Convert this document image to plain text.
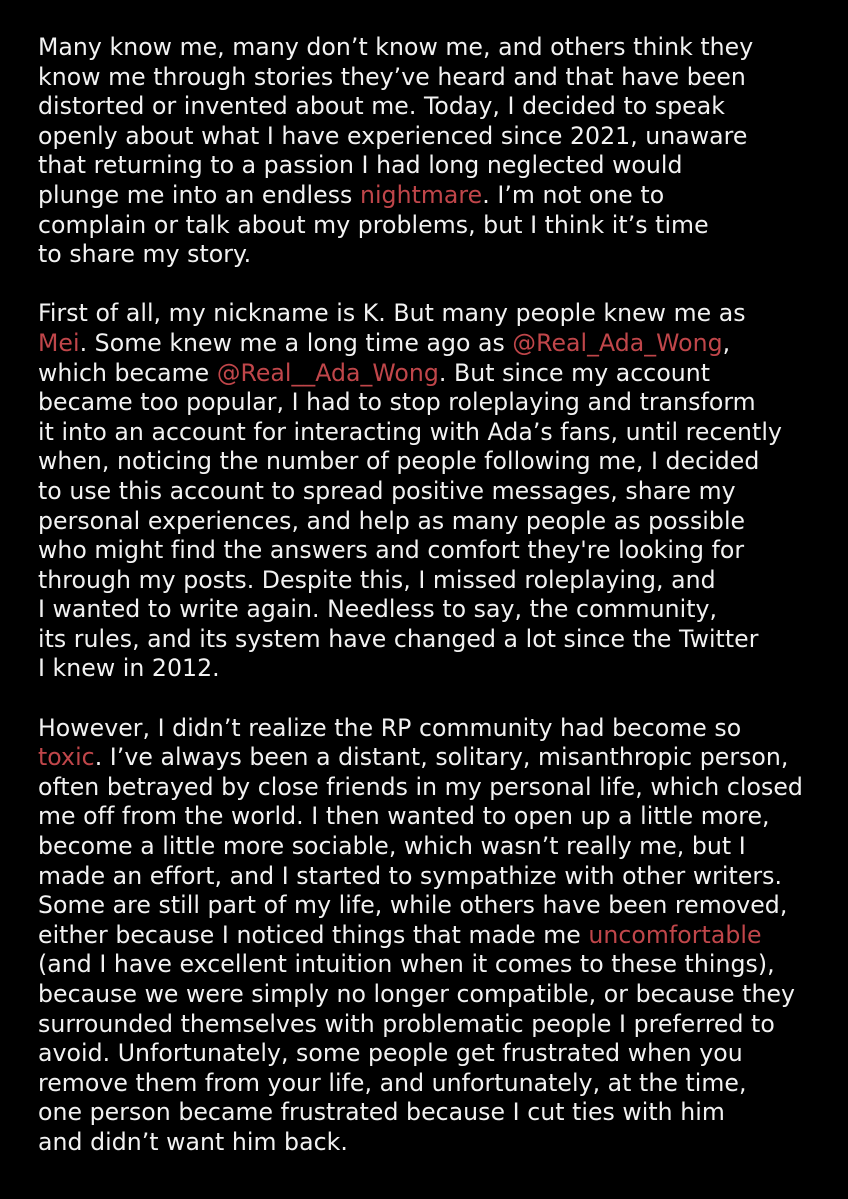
Many know me, many don’t know me, and others think they
know me through stories they’ve heard and that have been
distorted or invented about me. Today, I decided to speak
openly about what I have experienced since 2021, unaware
that returning to a passion I had long neglected would
plunge me into an endless nightmare. I’m not one to
complain or talk about my problems, but I think it’s time
to share my story.

First of all, my nickname is K. But many people knew me as
Mei. Some knew me a long time ago as @Real_Ada_Wong,
which became @Real__Ada_Wong. But since my account
became too popular, I had to stop roleplaying and transform
it into an account for interacting with Ada’s fans, until recently
when, noticing the number of people following me, I decided
to use this account to spread positive messages, share my
personal experiences, and help as many people as possible
who might find the answers and comfort they're looking for
through my posts. Despite this, I missed roleplaying, and
I wanted to write again. Needless to say, the community,
its rules, and its system have changed a lot since the Twitter
I knew in 2012.

However, I didn’t realize the RP community had become so
toxic. I’ve always been a distant, solitary, misanthropic person,
often betrayed by close friends in my personal life, which closed
me off from the world. I then wanted to open up a little more,
become a little more sociable, which wasn’t really me, but I
made an effort, and I started to sympathize with other writers.
Some are still part of my life, while others have been removed,
either because I noticed things that made me uncomfortable
(and I have excellent intuition when it comes to these things),
because we were simply no longer compatible, or because they
surrounded themselves with problematic people I preferred to
avoid. Unfortunately, some people get frustrated when you
remove them from your life, and unfortunately, at the time,
one person became frustrated because I cut ties with him
and didn’t want him back.
